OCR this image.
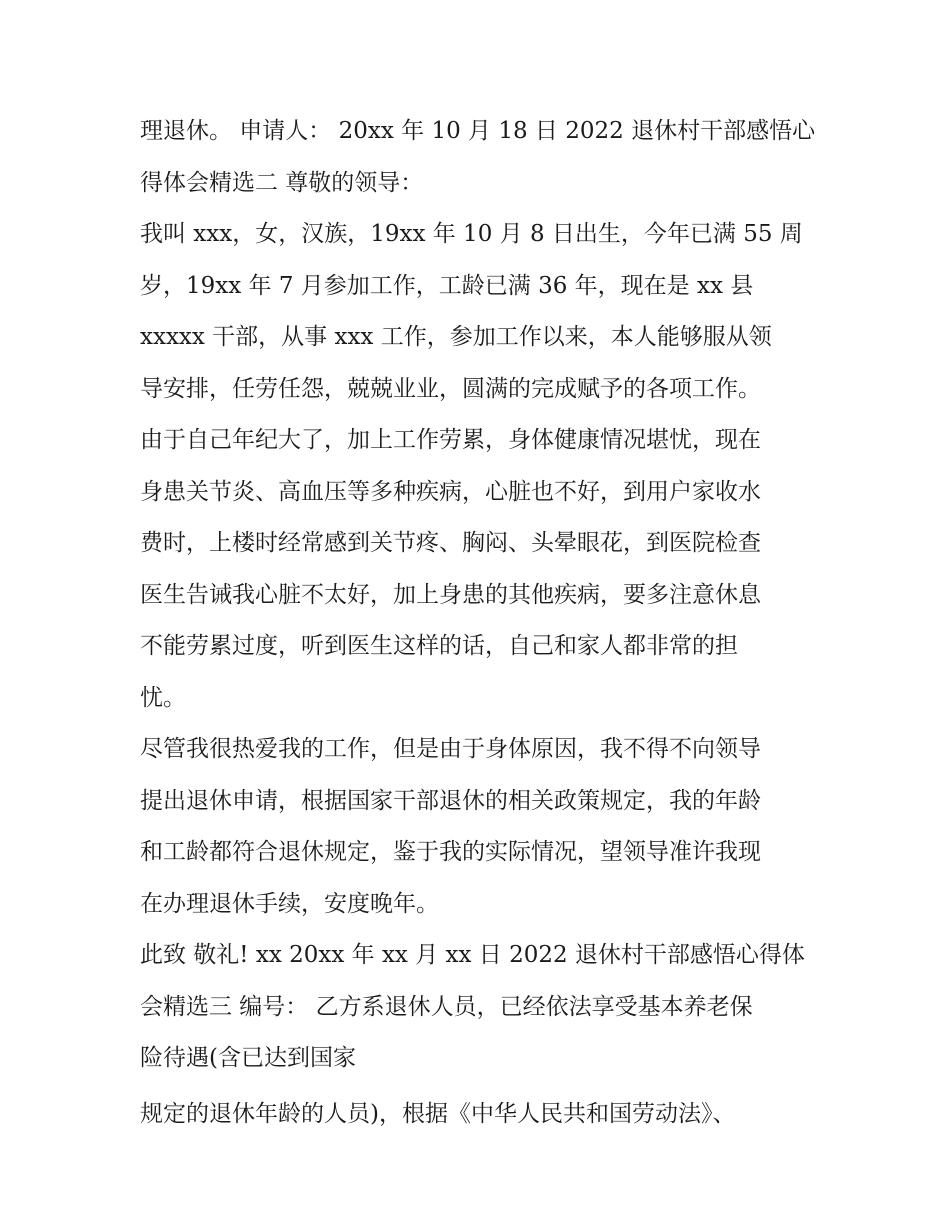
理退休。 申请人： 20xx 年 10 月 18 日 2022 退休村干部感悟心
得体会精选二 尊敬的领导：
我叫 xxx，女，汉族，19xx 年 10 月 8 日出生，今年已满 55 周
岁，19xx 年 7 月参加工作，工龄已满 36 年，现在是 xx 县
xxxxx 干部，从事 xxx 工作，参加工作以来，本人能够服从领
导安排，任劳任怨，兢兢业业，圆满的完成赋予的各项工作。
由于自己年纪大了，加上工作劳累，身体健康情况堪忧，现在
身患关节炎、高血压等多种疾病，心脏也不好，到用户家收水
费时，上楼时经常感到关节疼、胸闷、头晕眼花，到医院检查
医生告诫我心脏不太好，加上身患的其他疾病，要多注意休息
不能劳累过度，听到医生这样的话，自己和家人都非常的担
忧。
尽管我很热爱我的工作，但是由于身体原因，我不得不向领导
提出退休申请，根据国家干部退休的相关政策规定，我的年龄
和工龄都符合退休规定，鉴于我的实际情况，望领导准许我现
在办理退休手续，安度晚年。
此致 敬礼! xx 20xx 年 xx 月 xx 日 2022 退休村干部感悟心得体
会精选三 编号： 乙方系退休人员，已经依法享受基本养老保
险待遇(含已达到国家
规定的退休年龄的人员)，根据《中华人民共和国劳动法》、
